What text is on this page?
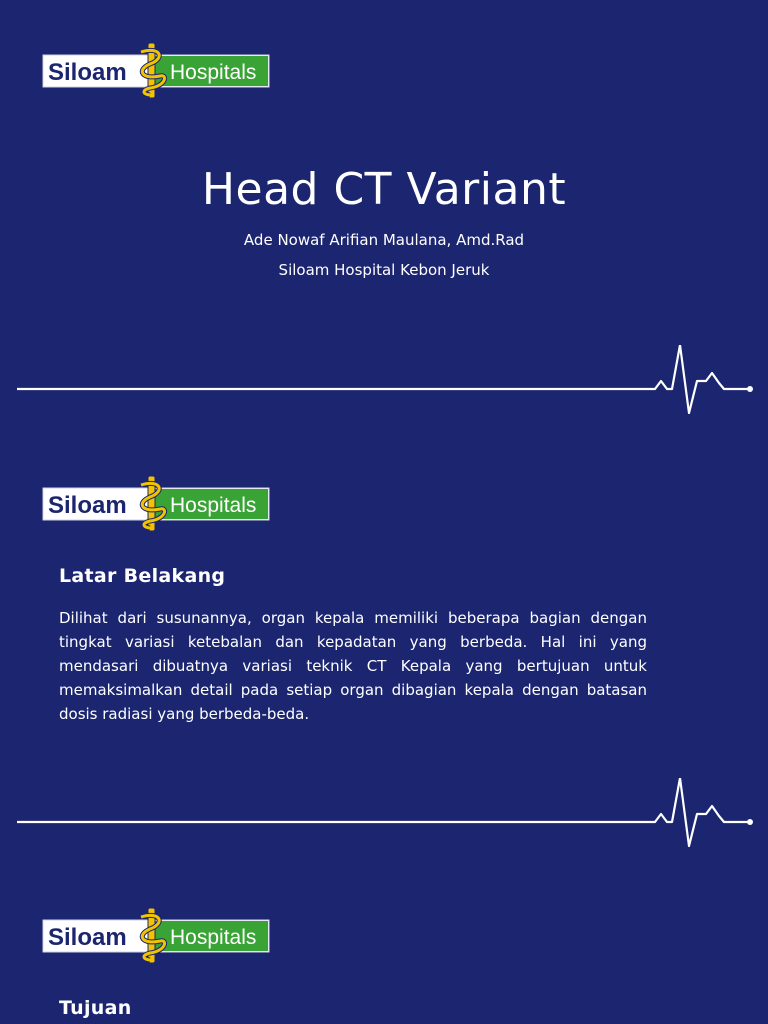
Siloam Hospitals
Head CT Variant

Ade Nowaf Arifian Maulana, Amd.Rad

Siloam Hospital Kebon Jeruk

Siloam Hospitals
Latar Belakang

Dilihat dari susunannya, organ kepala memiliki beberapa bagian dengan tingkat variasi ketebalan dan kepadatan yang berbeda. Hal ini yang mendasari dibuatnya variasi teknik CT Kepala yang bertujuan untuk memaksimalkan detail pada setiap organ dibagian kepala dengan batasan dosis radiasi yang berbeda-beda.

Siloam Hospitals
Tujuan
